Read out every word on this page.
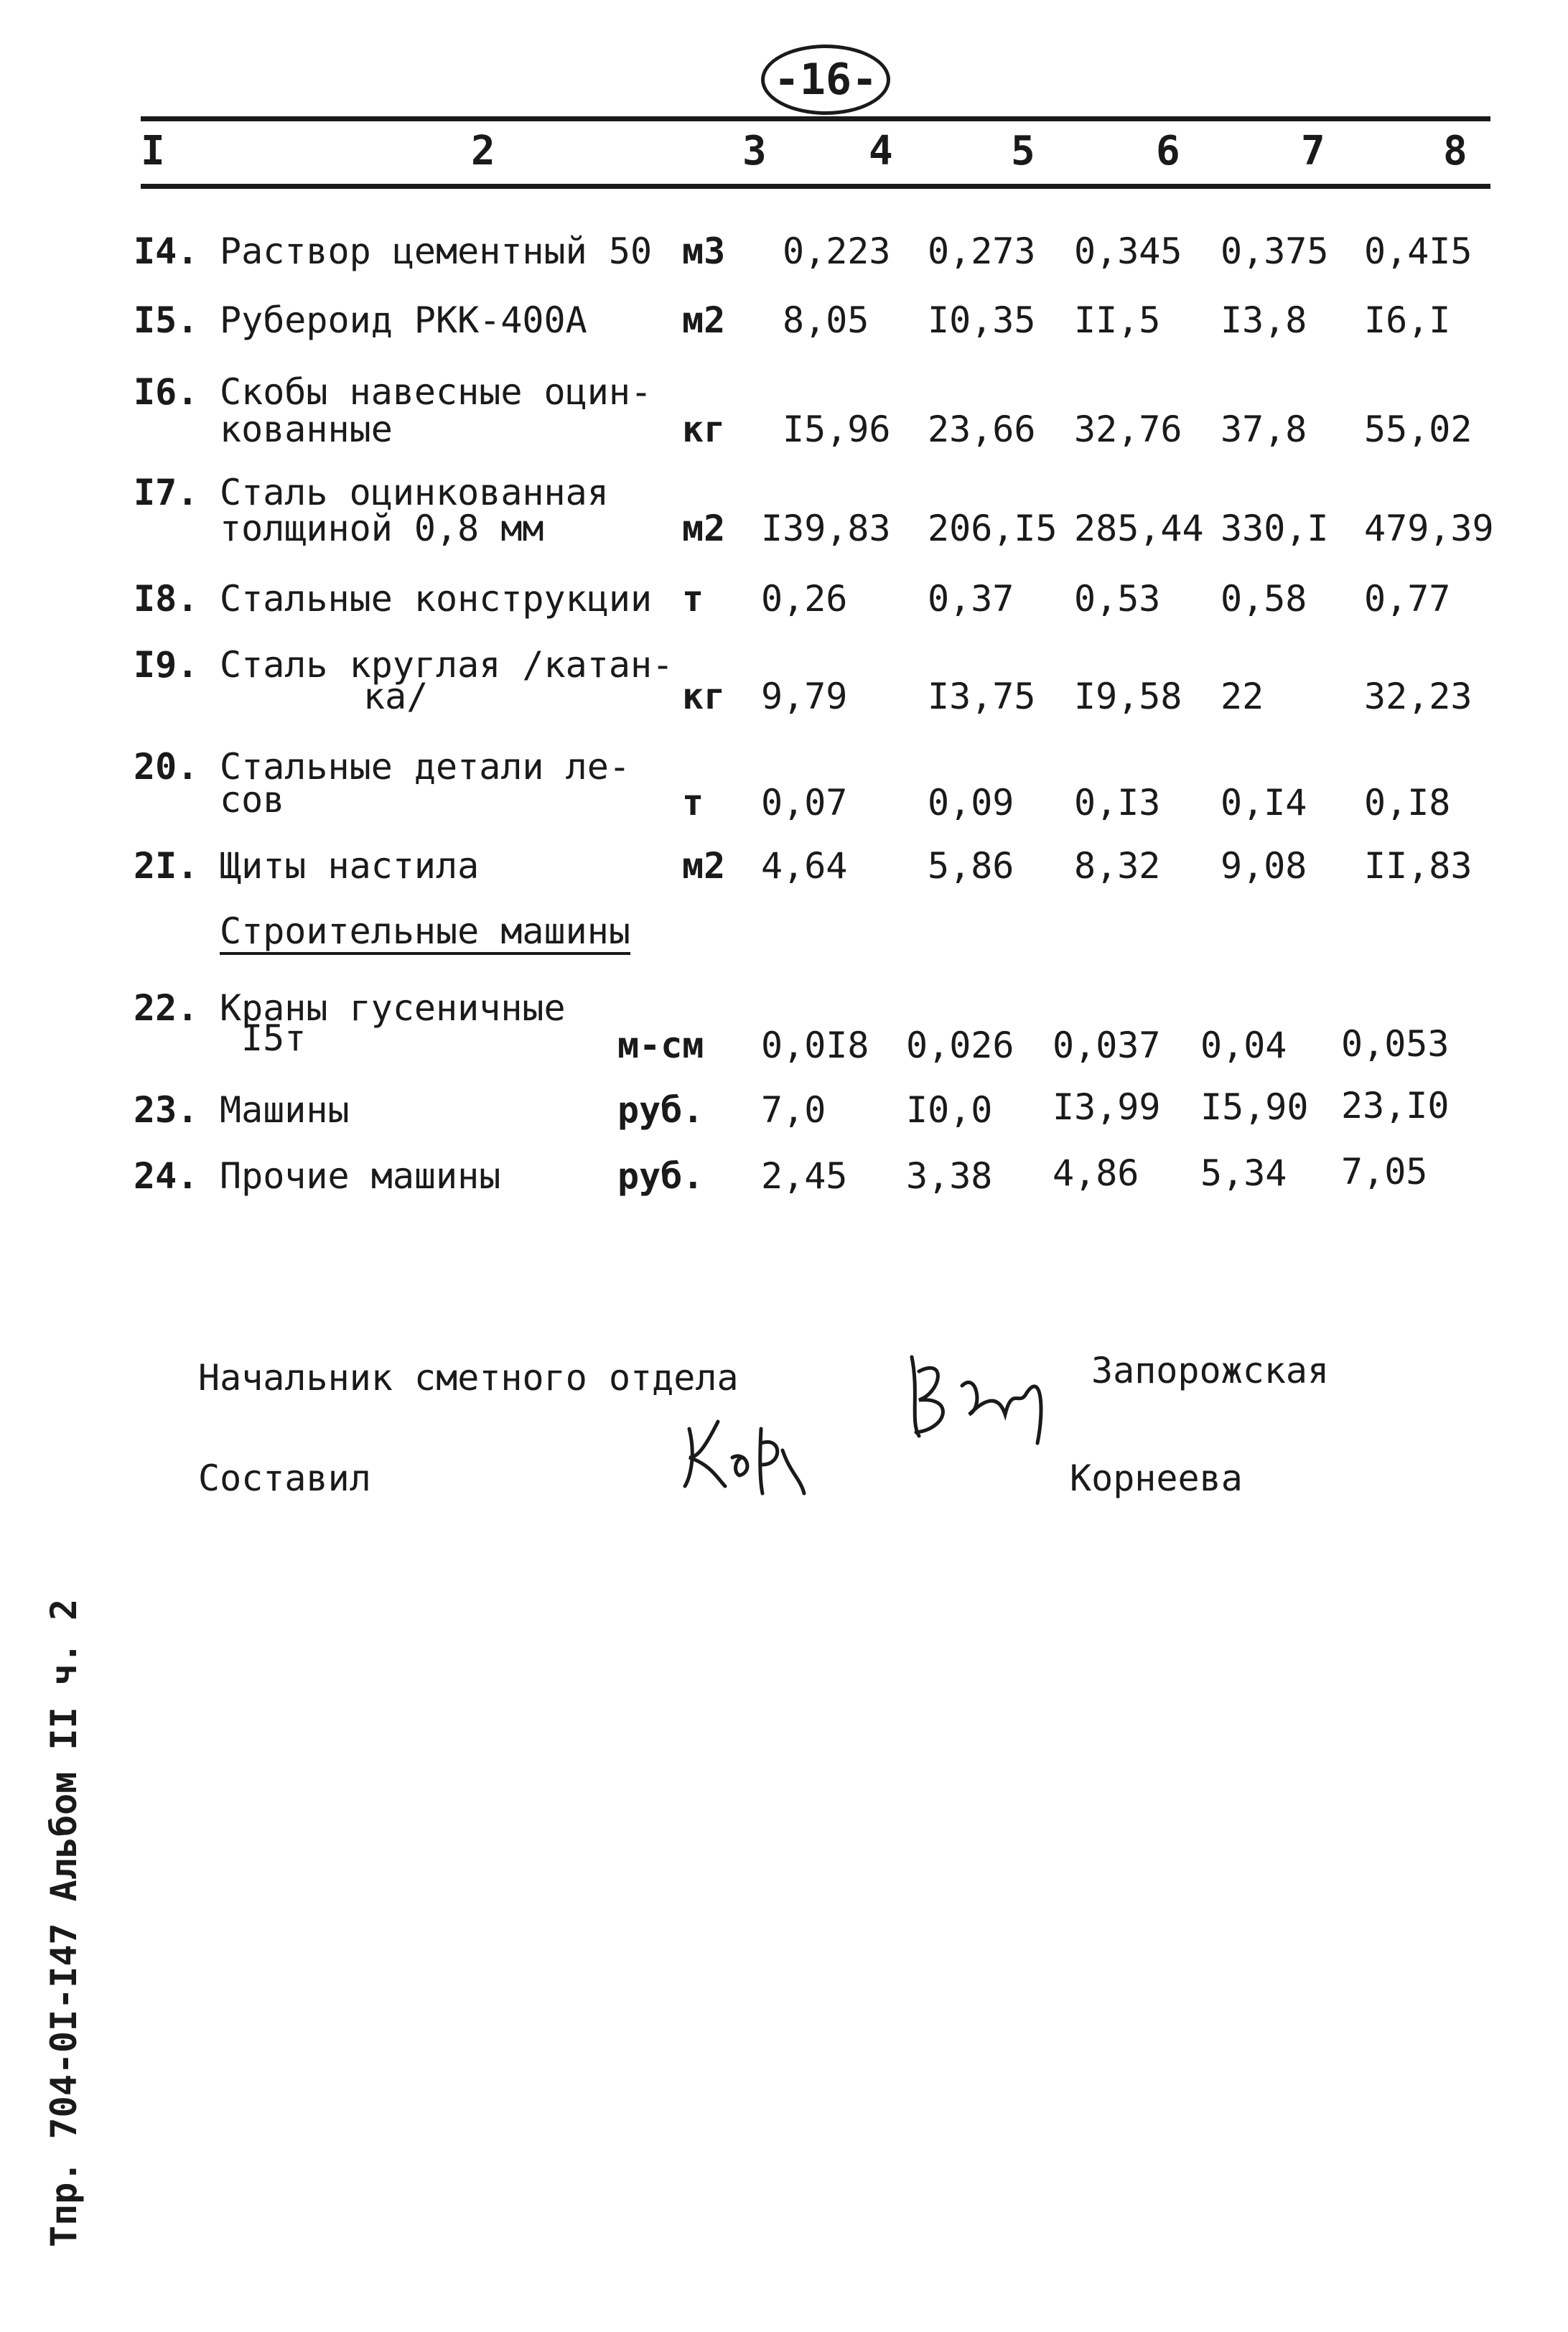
-16-
I	2	3	4	5	6	7	8
I4. Раствор цементный 50 м3 0,223 0,273 0,345 0,375 0,4I5
I5. Рубероид РКК-400А	м2 8,05 I0,35 II,5 I3,8 I6,I
I6. Скобы навесные оцин-
кованные	кг I5,96 23,66 32,76 37,8 55,02
I7. Сталь оцинкованная
толщиной 0,8 мм	м2 I39,83 206,I5 285,44 330,I 479,39
I8. Стальные конструкции т 0,26 0,37 0,53 0,58 0,77
I9. Сталь круглая /катан-
ка/	кг 9,79 I3,75 I9,58 22	32,23
20. Стальные детали ле-
сов	т 0,07 0,09 0,I3 0,I4 0,I8
2I. Щиты настила	м2 4,64 5,86 8,32 9,08 II,83
Строительные машины
22. Краны гусеничные
I5т	м-см 0,0I8 0,026 0,037 0,04 0,053
23. Машины	руб. 7,0 I0,0 I3,99 I5,90 23,I0
24. Прочие машины	руб. 2,45 3,38 4,86 5,34 7,05
Начальник сметного отдела	Запорожская
Составил	Корнеева
Тпр. 704-0I-I47 Альбом II ч. 2
